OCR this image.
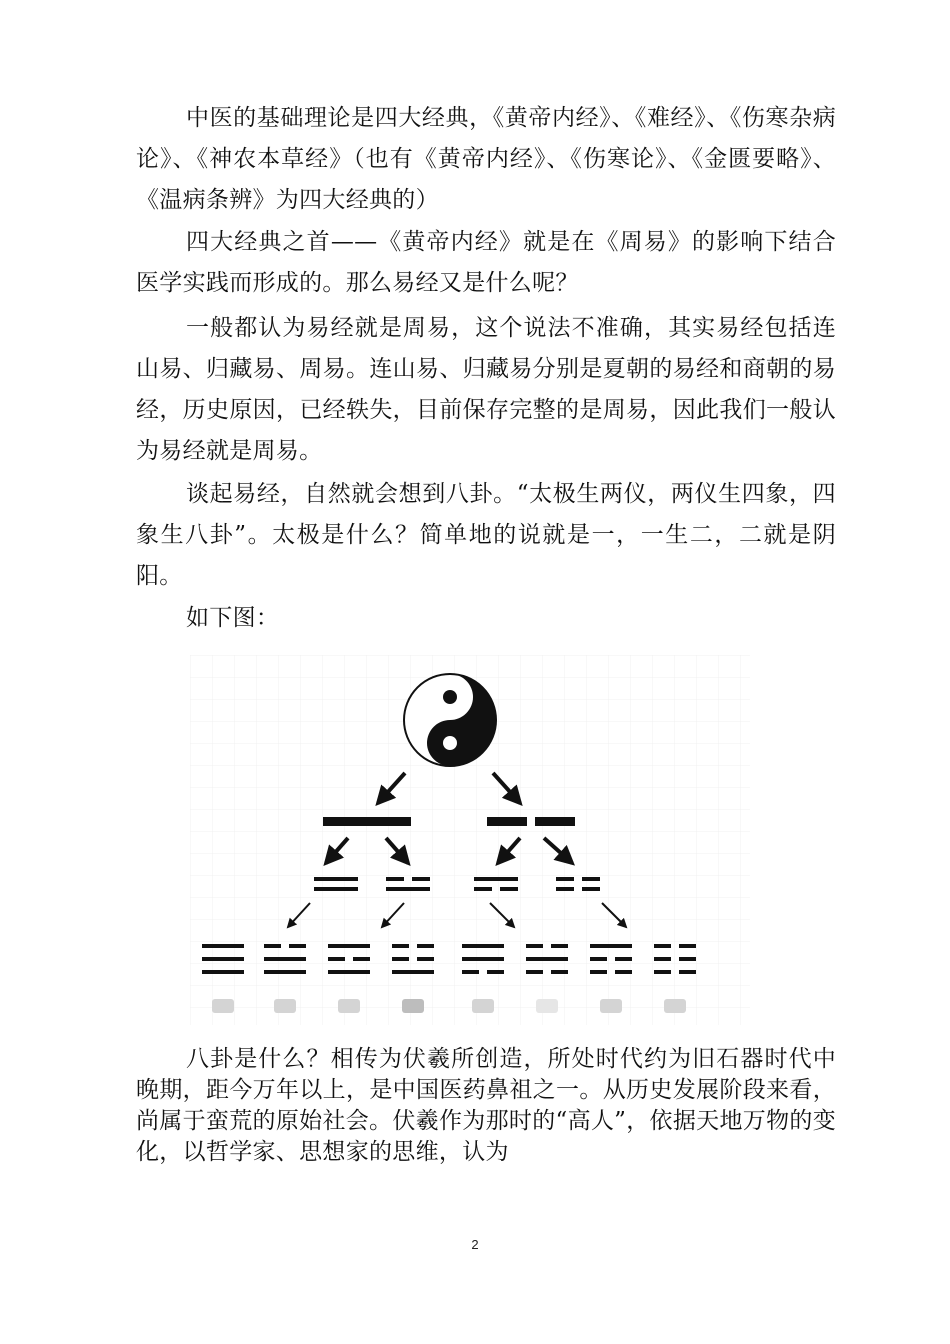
中医的基础理论是四大经典，《黄帝内经》、《难经》、《伤寒杂病论》、《神农本草经》（也有《黄帝内经》、《伤寒论》、《金匮要略》、《温病条辨》为四大经典的）

四大经典之首——《黄帝内经》就是在《周易》的影响下结合医学实践而形成的。那么易经又是什么呢？

一般都认为易经就是周易，这个说法不准确，其实易经包括连山易、归藏易、周易。连山易、归藏易分别是夏朝的易经和商朝的易经，历史原因，已经轶失，目前保存完整的是周易，因此我们一般认为易经就是周易。

谈起易经，自然就会想到八卦。“太极生两仪，两仪生四象，四象生八卦”。太极是什么？简单地的说就是一，一生二，二就是阴阳。

如下图：

八卦是什么？相传为伏羲所创造，所处时代约为旧石器时代中晚期，距今万年以上，是中国医药鼻祖之一。从历史发展阶段来看，尚属于蛮荒的原始社会。伏羲作为那时的“高人”，依据天地万物的变化，以哲学家、思想家的思维，认为

2
